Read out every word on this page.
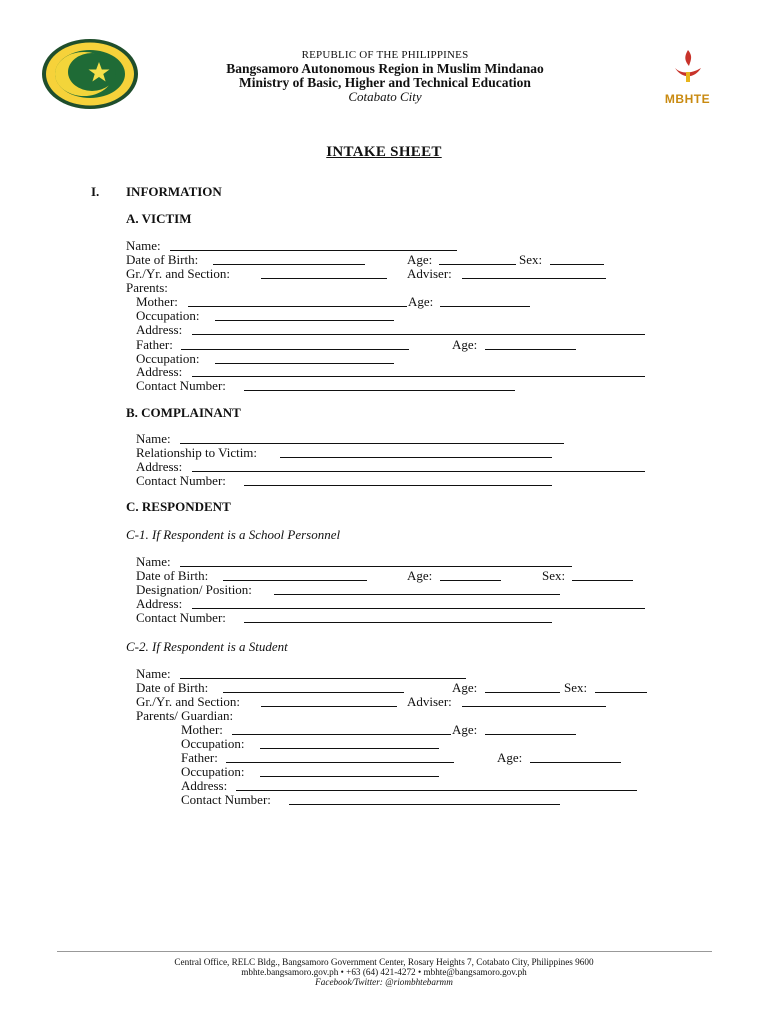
MBHTE
REPUBLIC OF THE PHILIPPINES
Bangsamoro Autonomous Region in Muslim Mindanao
Ministry of Basic, Higher and Technical Education
Cotabato City
INTAKE SHEET
I. INFORMATION
A. VICTIM
Name:
Date of Birth:	Age:	Sex:
Gr./Yr. and Section:	Adviser:
Parents:
Mother:	Age:
Occupation:
Address:
Father:	Age:
Occupation:
Address:
Contact Number:
B. COMPLAINANT
Name:
Relationship to Victim:
Address:
Contact Number:
C. RESPONDENT
C-1. If Respondent is a School Personnel
Name:
Date of Birth:	Age:	Sex:
Designation/ Position:
Address:
Contact Number:
C-2. If Respondent is a Student
Name:
Date of Birth:	Age:	Sex:
Gr./Yr. and Section:	Adviser:
Parents/ Guardian:
Mother:	Age:
Occupation:
Father:	Age:
Occupation:
Address:
Contact Number:
Central Office, RELC Bldg., Bangsamoro Government Center, Rosary Heights 7, Cotabato City, Philippines 9600
mbhte.bangsamoro.gov.ph • +63 (64) 421-4272 • mbhte@bangsamoro.gov.ph
Facebook/Twitter: @riombhtebarmm
